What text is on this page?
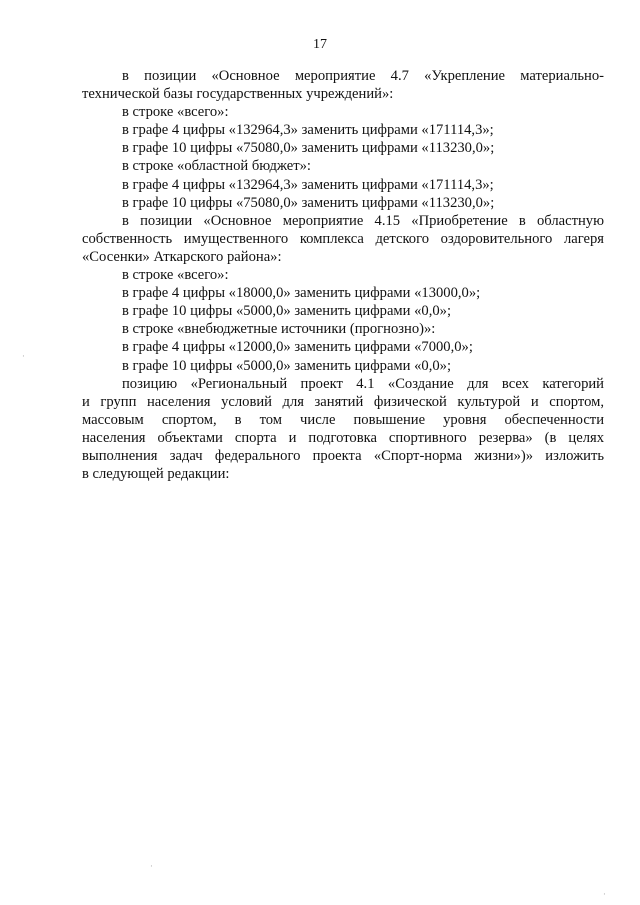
17
в позиции «Основное мероприятие 4.7 «Укрепление материально-
технической базы государственных учреждений»:
в строке «всего»:
в графе 4 цифры «132964,3» заменить цифрами «171114,3»;
в графе 10 цифры «75080,0» заменить цифрами «113230,0»;
в строке «областной бюджет»:
в графе 4 цифры «132964,3» заменить цифрами «171114,3»;
в графе 10 цифры «75080,0» заменить цифрами «113230,0»;
в позиции «Основное мероприятие 4.15 «Приобретение в областную
собственность имущественного комплекса детского оздоровительного лагеря
«Сосенки» Аткарского района»:
в строке «всего»:
в графе 4 цифры «18000,0» заменить цифрами «13000,0»;
в графе 10 цифры «5000,0» заменить цифрами «0,0»;
в строке «внебюджетные источники (прогнозно)»:
в графе 4 цифры «12000,0» заменить цифрами «7000,0»;
в графе 10 цифры «5000,0» заменить цифрами «0,0»;
позицию «Региональный проект 4.1 «Создание для всех категорий
и групп населения условий для занятий физической культурой и спортом,
массовым спортом, в том числе повышение уровня обеспеченности
населения объектами спорта и подготовка спортивного резерва» (в целях
выполнения задач федерального проекта «Спорт-норма жизни»)» изложить
в следующей редакции:
·
·
·
